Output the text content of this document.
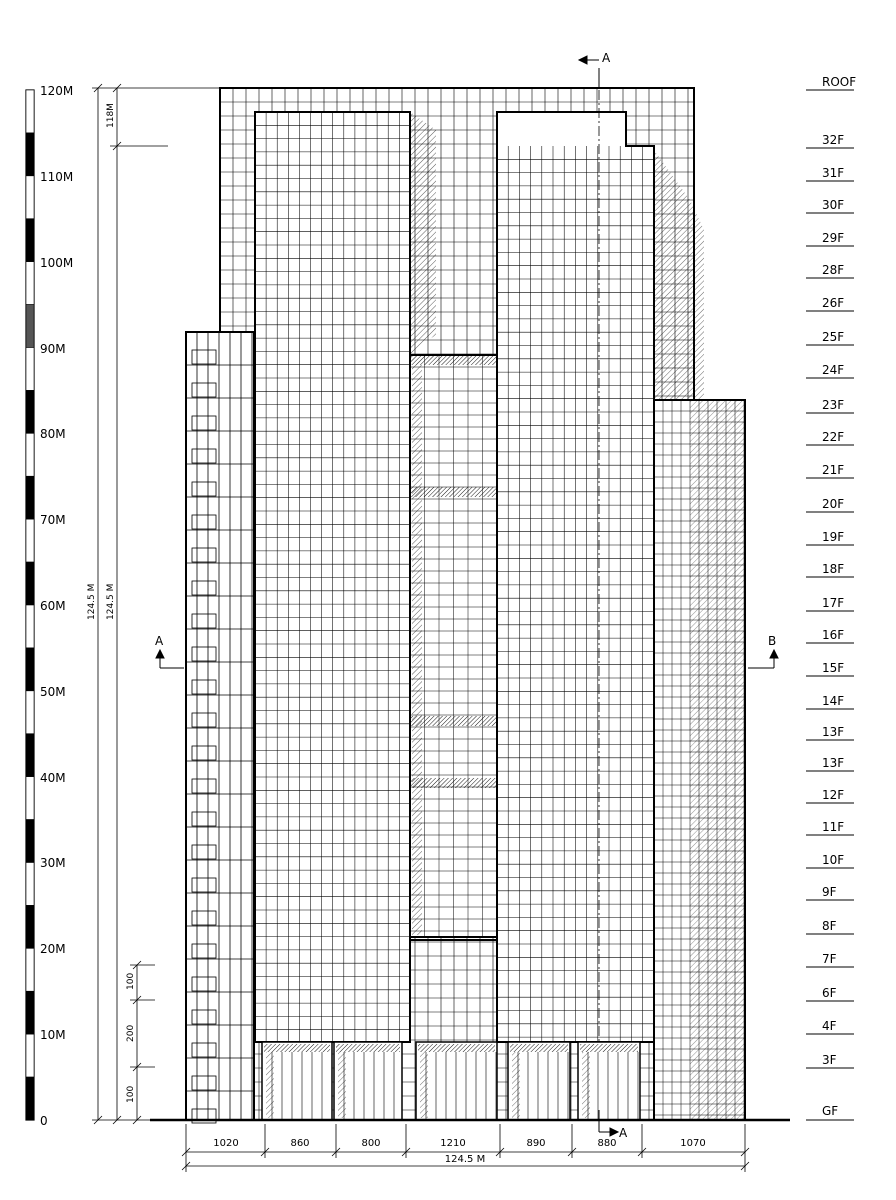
120M
110M
100M
90M
80M
70M
60M
50M
40M
30M
20M
10M
0
124.5 M 124.5 M
118M
100
200
100
A
A
A	B
ROOF
32F
31F
30F
29F
28F
26F
25F
24F
23F
22F
21F
20F
19F
18F
17F
16F
15F
14F
13F
13F
12F
11F
10F
9F
8F
7F
6F
4F
3F
GF
1020	860	800	1210	890	880	1070
124.5 M
